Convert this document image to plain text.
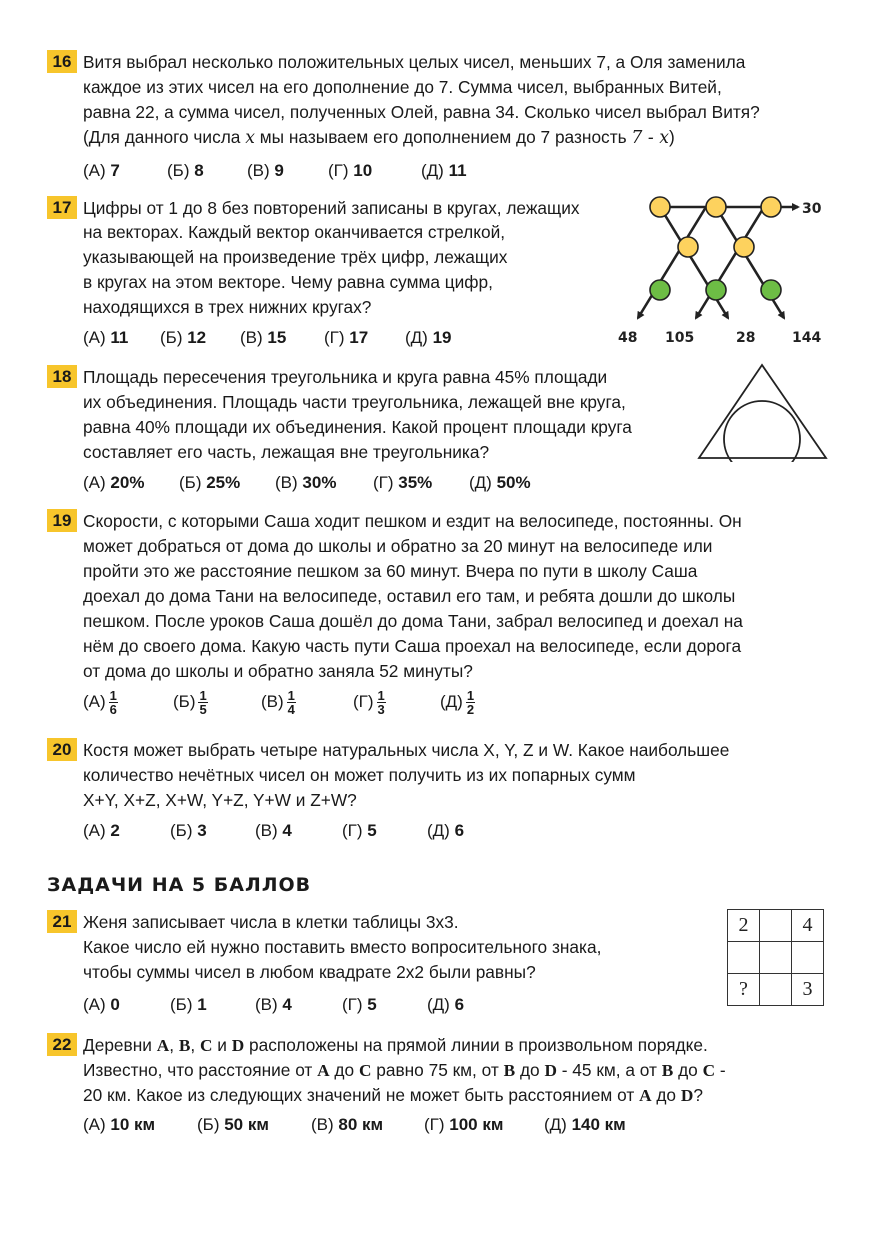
16 Витя выбрал несколько положительных целых чисел, меньших 7, а Оля заменила
каждое из этих чисел на его дополнение до 7. Сумма чисел, выбранных Витей,
равна 22, а сумма чисел, полученных Олей, равна 34. Сколько чисел выбрал Витя?
(Для данного числа x мы называем его дополнением до 7 разность 7 - x)
(А) 7	(Б) 8	(В) 9	(Г) 10	(Д) 11
17 Цифры от 1 до 8 без повторений записаны в кругах, лежащих
на векторах. Каждый вектор оканчивается стрелкой,
указывающей на произведение трёх цифр, лежащих
в кругах на этом векторе. Чему равна сумма цифр,
находящихся в трех нижних кругах?
(А) 11 (Б) 12 (В) 15 (Г) 17 (Д) 19
30
48 105	28	144
18 Площадь пересечения треугольника и круга равна 45% площади
их объединения. Площадь части треугольника, лежащей вне круга,
равна 40% площади их объединения. Какой процент площади круга
составляет его часть, лежащая вне треугольника?
(А) 20% (Б) 25% (В) 30% (Г) 35% (Д) 50%
19 Скорости, с которыми Саша ходит пешком и ездит на велосипеде, постоянны. Он
может добраться от дома до школы и обратно за 20 минут на велосипеде или
пройти это же расстояние пешком за 60 минут. Вчера по пути в школу Саша
доехал до дома Тани на велосипеде, оставил его там, и ребята дошли до школы
пешком. После уроков Саша дошёл до дома Тани, забрал велосипед и доехал на
нём до своего дома. Какую часть пути Саша проехал на велосипеде, если дорога
от дома до школы и обратно заняла 52 минуты?
$(А) \frac{1}{6}$	$(Б) \frac{1}{5}$	$(В) \frac{1}{4}$	$(Г) \frac{1}{3}$	$(Д) \frac{1}{2}$
20 Костя может выбрать четыре натуральных числа X, Y, Z и W. Какое наибольшее
количество нечётных чисел он может получить из их попарных сумм
X+Y, X+Z, X+W, Y+Z, Y+W и Z+W?
(А) 2	(Б) 3	(В) 4	(Г) 5	(Д) 6
ЗАДАЧИ НА 5 БАЛЛОВ
21 Женя записывает числа в клетки таблицы 3х3.
Какое число ей нужно поставить вместо вопросительного знака,
чтобы суммы чисел в любом квадрате 2х2 были равны?
(А) 0	(Б) 1	(В) 4	(Г) 5	(Д) 6
2		4

?		3
22 Деревни A, B, C и D расположены на прямой линии в произвольном порядке.
Известно, что расстояние от A до C равно 75 км, от B до D - 45 км, а от B до C -
20 км. Какое из следующих значений не может быть расстоянием от A до D?
(А) 10 км (Б) 50 км (В) 80 км (Г) 100 км (Д) 140 км
